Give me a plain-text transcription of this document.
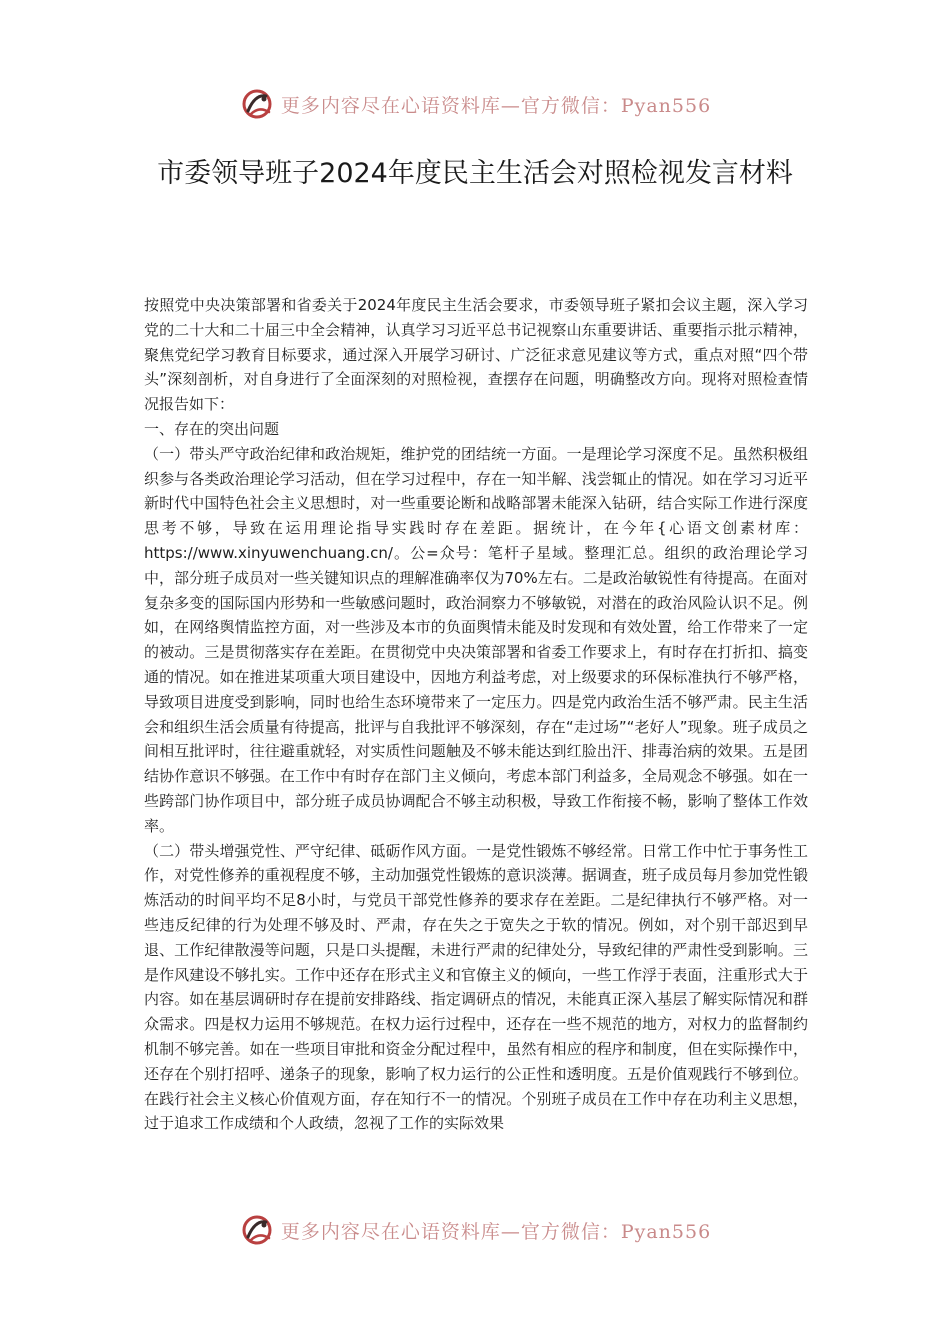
更多内容尽在心语资料库—官方微信：Pyan556
市委领导班子2024年度民主生活会对照检视发言材料

按照党中央决策部署和省委关于2024年度民主生活会要求，市委领导班子紧扣会议主题，深入学习党的二十大和二十届三中全会精神，认真学习习近平总书记视察山东重要讲话、重要指示批示精神，聚焦党纪学习教育目标要求，通过深入开展学习研讨、广泛征求意见建议等方式，重点对照“四个带头”深刻剖析，对自身进行了全面深刻的对照检视，查摆存在问题，明确整改方向。现将对照检查情况报告如下：

一、存在的突出问题

（一）带头严守政治纪律和政治规矩，维护党的团结统一方面。一是理论学习深度不足。虽然积极组织参与各类政治理论学习活动，但在学习过程中，存在一知半解、浅尝辄止的情况。如在学习习近平新时代中国特色社会主义思想时，对一些重要论断和战略部署未能深入钻研，结合实际工作进行深度思考不够，导致在运用理论指导实践时存在差距。据统计，在今年{心语文创素材库：https://www.xinyuwenchuang.cn/。公=众号：笔杆子星域。整理汇总。组织的政治理论学习中，部分班子成员对一些关键知识点的理解准确率仅为70%左右。二是政治敏锐性有待提高。在面对复杂多变的国际国内形势和一些敏感问题时，政治洞察力不够敏锐，对潜在的政治风险认识不足。例如，在网络舆情监控方面，对一些涉及本市的负面舆情未能及时发现和有效处置，给工作带来了一定的被动。三是贯彻落实存在差距。在贯彻党中央决策部署和省委工作要求上，有时存在打折扣、搞变通的情况。如在推进某项重大项目建设中，因地方利益考虑，对上级要求的环保标准执行不够严格，导致项目进度受到影响，同时也给生态环境带来了一定压力。四是党内政治生活不够严肃。民主生活会和组织生活会质量有待提高，批评与自我批评不够深刻，存在“走过场”“老好人”现象。班子成员之间相互批评时，往往避重就轻，对实质性问题触及不够未能达到红脸出汗、排毒治病的效果。五是团结协作意识不够强。在工作中有时存在部门主义倾向，考虑本部门利益多，全局观念不够强。如在一些跨部门协作项目中，部分班子成员协调配合不够主动积极，导致工作衔接不畅，影响了整体工作效率。

（二）带头增强党性、严守纪律、砥砺作风方面。一是党性锻炼不够经常。日常工作中忙于事务性工作，对党性修养的重视程度不够，主动加强党性锻炼的意识淡薄。据调查，班子成员每月参加党性锻炼活动的时间平均不足8小时，与党员干部党性修养的要求存在差距。二是纪律执行不够严格。对一些违反纪律的行为处理不够及时、严肃，存在失之于宽失之于软的情况。例如，对个别干部迟到早退、工作纪律散漫等问题，只是口头提醒，未进行严肃的纪律处分，导致纪律的严肃性受到影响。三是作风建设不够扎实。工作中还存在形式主义和官僚主义的倾向，一些工作浮于表面，注重形式大于内容。如在基层调研时存在提前安排路线、指定调研点的情况，未能真正深入基层了解实际情况和群众需求。四是权力运用不够规范。在权力运行过程中，还存在一些不规范的地方，对权力的监督制约机制不够完善。如在一些项目审批和资金分配过程中，虽然有相应的程序和制度，但在实际操作中，还存在个别打招呼、递条子的现象，影响了权力运行的公正性和透明度。五是价值观践行不够到位。在践行社会主义核心价值观方面，存在知行不一的情况。个别班子成员在工作中存在功利主义思想，过于追求工作成绩和个人政绩，忽视了工作的实际效果

更多内容尽在心语资料库—官方微信：Pyan556
